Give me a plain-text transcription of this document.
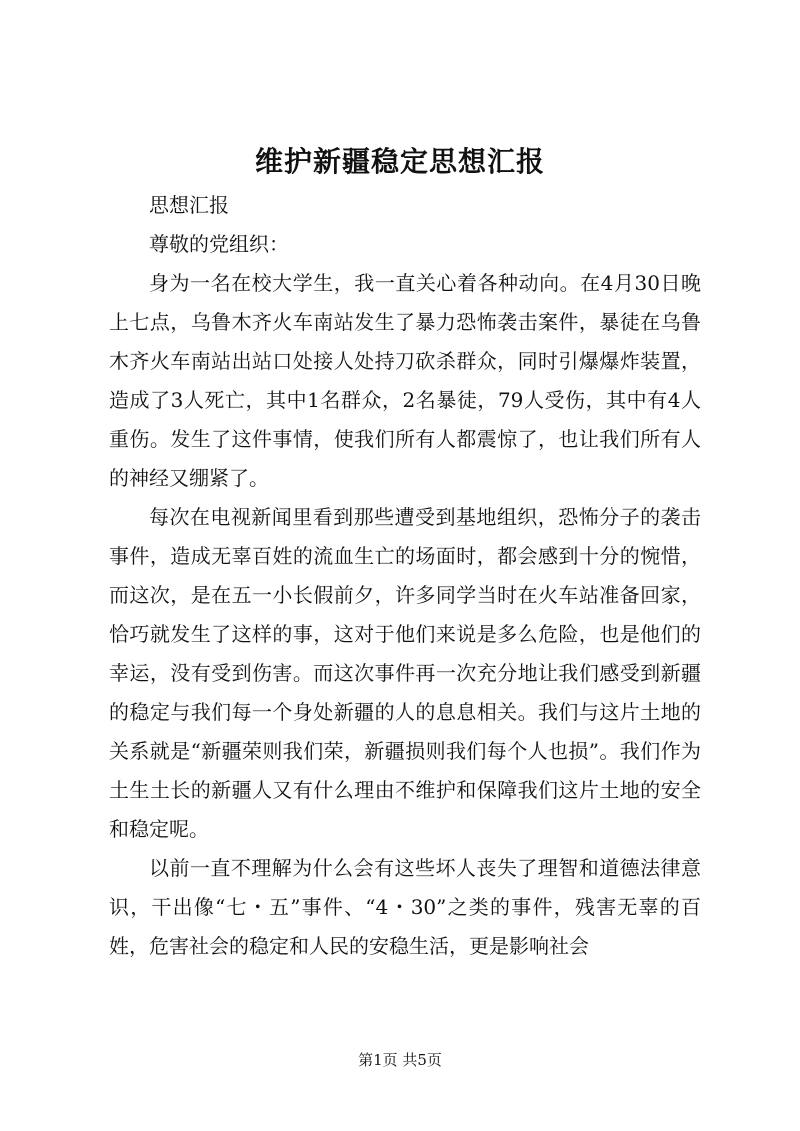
维护新疆稳定思想汇报

思想汇报

尊敬的党组织：

身为一名在校大学生，我一直关心着各种动向。在4月30日晚上七点，乌鲁木齐火车南站发生了暴力恐怖袭击案件，暴徒在乌鲁木齐火车南站出站口处接人处持刀砍杀群众，同时引爆爆炸装置，造成了3人死亡，其中1名群众，2名暴徒，79人受伤，其中有4人重伤。发生了这件事情，使我们所有人都震惊了，也让我们所有人的神经又绷紧了。

每次在电视新闻里看到那些遭受到基地组织，恐怖分子的袭击事件，造成无辜百姓的流血生亡的场面时，都会感到十分的惋惜，而这次，是在五一小长假前夕，许多同学当时在火车站准备回家，恰巧就发生了这样的事，这对于他们来说是多么危险，也是他们的幸运，没有受到伤害。而这次事件再一次充分地让我们感受到新疆的稳定与我们每一个身处新疆的人的息息相关。我们与这片土地的关系就是“新疆荣则我们荣，新疆损则我们每个人也损”。我们作为土生土长的新疆人又有什么理由不维护和保障我们这片土地的安全和稳定呢。

以前一直不理解为什么会有这些坏人丧失了理智和道德法律意识，干出像“七・五”事件、“4・30”之类的事件，残害无辜的百姓，危害社会的稳定和人民的安稳生活，更是影响社会

第1页 共5页
